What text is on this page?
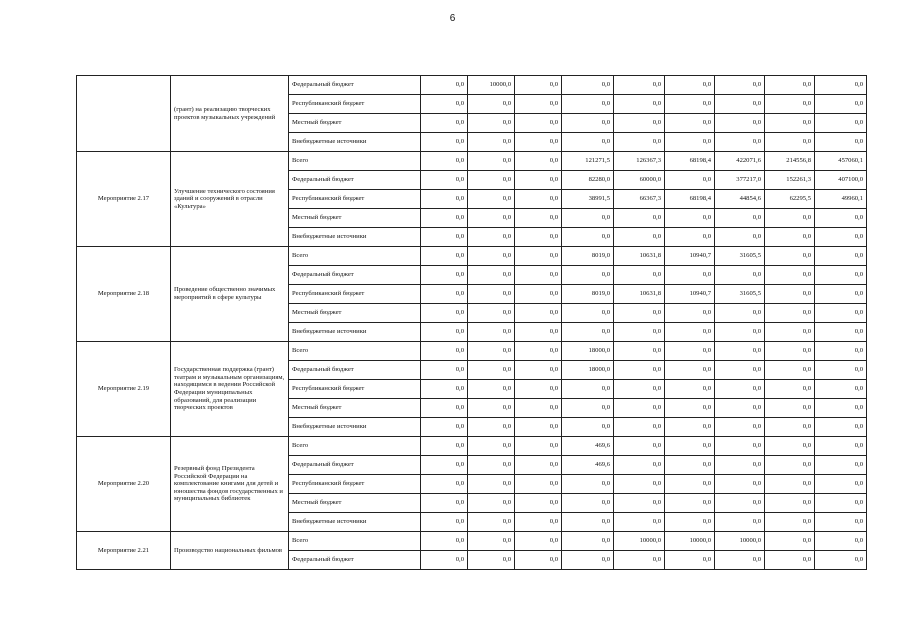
6
	(грант) на реализацию творческих проектов музыкальных учреждений	Федеральный бюджет	0,0	10000,0	0,0	0,0	0,0	0,0	0,0	0,0	0,0
		Республиканский бюджет	0,0	0,0	0,0	0,0	0,0	0,0	0,0	0,0	0,0
		Местный бюджет	0,0	0,0	0,0	0,0	0,0	0,0	0,0	0,0	0,0
		Внебюджетные источники	0,0	0,0	0,0	0,0	0,0	0,0	0,0	0,0	0,0
Мероприятие 2.17	Улучшение технического состояния зданий и сооружений в отрасли «Культура»	Всего	0,0	0,0	0,0	121271,5	126367,3	68198,4	422071,6	214556,8	457060,1
		Федеральный бюджет	0,0	0,0	0,0	82280,0	60000,0	0,0	377217,0	152261,3	407100,0
		Республиканский бюджет	0,0	0,0	0,0	38991,5	66367,3	68198,4	44854,6	62295,5	49960,1
		Местный бюджет	0,0	0,0	0,0	0,0	0,0	0,0	0,0	0,0	0,0
		Внебюджетные источники	0,0	0,0	0,0	0,0	0,0	0,0	0,0	0,0	0,0
Мероприятие 2.18	Проведение общественно значимых мероприятий в сфере культуры	Всего	0,0	0,0	0,0	8019,0	10631,8	10940,7	31605,5	0,0	0,0
		Федеральный бюджет	0,0	0,0	0,0	0,0	0,0	0,0	0,0	0,0	0,0
		Республиканский бюджет	0,0	0,0	0,0	8019,0	10631,8	10940,7	31605,5	0,0	0,0
		Местный бюджет	0,0	0,0	0,0	0,0	0,0	0,0	0,0	0,0	0,0
		Внебюджетные источники	0,0	0,0	0,0	0,0	0,0	0,0	0,0	0,0	0,0
Мероприятие 2.19	Государственная поддержка (грант) театрам и музыкальным организациям, находящимся в ведении Российской Федерации муниципальных образований, для реализации творческих проектов	Всего	0,0	0,0	0,0	18000,0	0,0	0,0	0,0	0,0	0,0
		Федеральный бюджет	0,0	0,0	0,0	18000,0	0,0	0,0	0,0	0,0	0,0
		Республиканский бюджет	0,0	0,0	0,0	0,0	0,0	0,0	0,0	0,0	0,0
		Местный бюджет	0,0	0,0	0,0	0,0	0,0	0,0	0,0	0,0	0,0
		Внебюджетные источники	0,0	0,0	0,0	0,0	0,0	0,0	0,0	0,0	0,0
Мероприятие 2.20	Резервный фонд Президента Российской Федерации на комплектование книгами для детей и юношества фондов государственных и муниципальных библиотек	Всего	0,0	0,0	0,0	469,6	0,0	0,0	0,0	0,0	0,0
		Федеральный бюджет	0,0	0,0	0,0	469,6	0,0	0,0	0,0	0,0	0,0
		Республиканский бюджет	0,0	0,0	0,0	0,0	0,0	0,0	0,0	0,0	0,0
		Местный бюджет	0,0	0,0	0,0	0,0	0,0	0,0	0,0	0,0	0,0
		Внебюджетные источники	0,0	0,0	0,0	0,0	0,0	0,0	0,0	0,0	0,0
Мероприятие 2.21	Производство национальных фильмов	Всего	0,0	0,0	0,0	0,0	10000,0	10000,0	10000,0	0,0	0,0
		Федеральный бюджет	0,0	0,0	0,0	0,0	0,0	0,0	0,0	0,0	0,0
